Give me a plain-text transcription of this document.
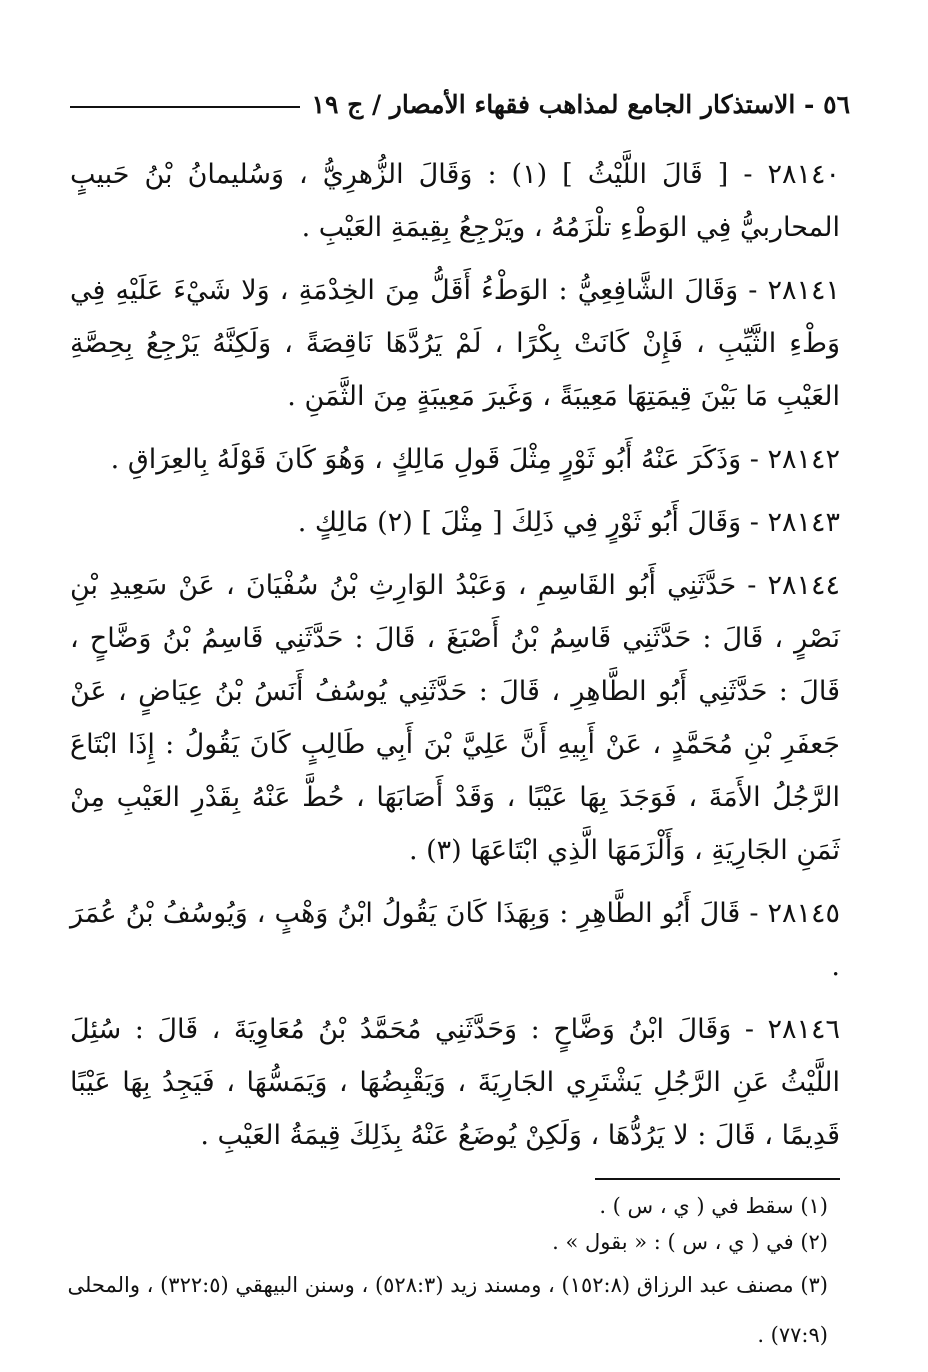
٥٦ - الاستذكار الجامع لمذاهب فقهاء الأمصار / ج ١٩

٢٨١٤٠ - [ قَالَ اللَّيْثُ ] (١) : وَقَالَ الزُّهرِيُّ ، وَسُليمانُ بْنُ حَبيبٍ المحاربيُّ فِي الوَطْءِ تلْزَمُهُ ، ويَرْجِعُ بِقِيمَةِ العَيْبِ .

٢٨١٤١ - وَقَالَ الشَّافِعِيُّ : الوَطْءُ أَقَلُّ مِنَ الخِدْمَةِ ، وَلا شَيْءَ عَلَيْهِ فِي وَطْءِ الثَّيِّبِ ، فَإِنْ كَانَتْ بِكْرًا ، لَمْ يَرُدَّهَا نَاقِصَةً ، وَلَكِنَّهُ يَرْجِعُ بِحِصَّةِ العَيْبِ مَا بَيْنَ قِيمَتِهَا مَعِيبَةً ، وَغَيرَ مَعِيبَةٍ مِنَ الثَّمَنِ .

٢٨١٤٢ - وَذَكَرَ عَنْهُ أَبُو ثَوْرٍ مِثْلَ قَولِ مَالِكٍ ، وَهُوَ كَانَ قَوْلَهُ بِالعِرَاقِ .

٢٨١٤٣ - وَقَالَ أَبُو ثَوْرٍ فِي ذَلِكَ [ مِثْلَ ] (٢) مَالِكٍ .

٢٨١٤٤ - حَدَّثَنِي أَبُو القَاسِمِ ، وَعَبْدُ الوَارِثِ بْنُ سُفْيَانَ ، عَنْ سَعِيدِ بْنِ نَصْرٍ ، قَالَ : حَدَّثَنِي قَاسِمُ بْنُ أَصْبَغَ ، قَالَ : حَدَّثَنِي قَاسِمُ بْنُ وَضَّاحٍ ، قَالَ : حَدَّثَنِي أَبُو الطَّاهِرِ ، قَالَ : حَدَّثَنِي يُوسُفُ أَنَسُ بْنُ عِيَاضٍ ، عَنْ جَعفَرِ بْنِ مُحَمَّدٍ ، عَنْ أَبِيهِ أَنَّ عَلِيَّ بْنَ أَبِي طَالِبٍ كَانَ يَقُولُ : إِذَا ابْتَاعَ الرَّجُلُ الأَمَةَ ، فَوَجَدَ بِهَا عَيْبًا ، وَقَدْ أَصَابَهَا ، حُطَّ عَنْهُ بِقَدْرِ العَيْبِ مِنْ ثَمَنِ الجَارِيَةِ ، وَأَلْزَمَهَا الَّذِي ابْتَاعَهَا (٣) .

٢٨١٤٥ - قَالَ أَبُو الطَّاهِرِ : وَبِهَذَا كَانَ يَقُولُ ابْنُ وَهْبٍ ، وَيُوسُفُ بْنُ عُمَرَ .

٢٨١٤٦ - وَقَالَ ابْنُ وَضَّاحٍ : وَحَدَّثَنِي مُحَمَّدُ بْنُ مُعَاوِيَةَ ، قَالَ : سُئِلَ اللَّيْثُ عَنِ الرَّجُلِ يَشْتَرِي الجَارِيَةَ ، وَيَقْبِضُهَا ، وَيَمَسُّهَا ، فَيَجِدُ بِهَا عَيْبًا قَدِيمًا ، قَالَ : لا يَرُدُّهَا ، وَلَكِنْ يُوضَعُ عَنْهُ بِذَلِكَ قِيمَةُ العَيْبِ .

(١) سقط في ( ي ، س ) .

(٢) في ( ي ، س ) : « بقول » .

(٣) مصنف عبد الرزاق (١٥٢:٨) ، ومسند زيد (٥٢٨:٣) ، وسنن البيهقي (٣٢٢:٥) ، والمحلى (٧٧:٩) .
